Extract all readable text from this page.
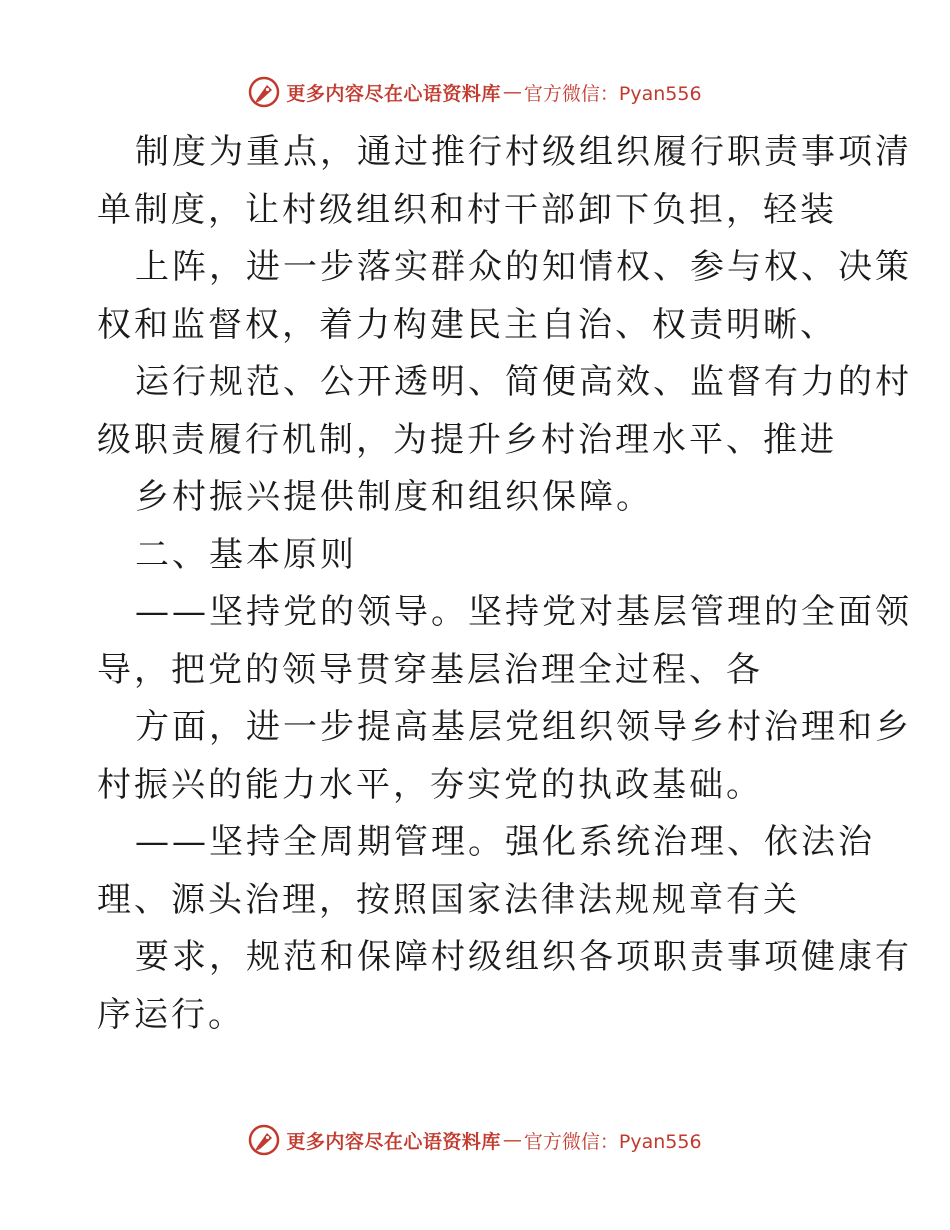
更多内容尽在心语资料库 — 官方微信：Pyan556
制度为重点，通过推行村级组织履行职责事项清
单制度，让村级组织和村干部卸下负担，轻装
上阵，进一步落实群众的知情权、参与权、决策
权和监督权，着力构建民主自治、权责明晰、
运行规范、公开透明、简便高效、监督有力的村
级职责履行机制，为提升乡村治理水平、推进
乡村振兴提供制度和组织保障。
二、基本原则
——坚持党的领导。坚持党对基层管理的全面领
导，把党的领导贯穿基层治理全过程、各
方面，进一步提高基层党组织领导乡村治理和乡
村振兴的能力水平，夯实党的执政基础。
——坚持全周期管理。强化系统治理、依法治
理、源头治理，按照国家法律法规规章有关
要求，规范和保障村级组织各项职责事项健康有
序运行。
更多内容尽在心语资料库 — 官方微信：Pyan556
